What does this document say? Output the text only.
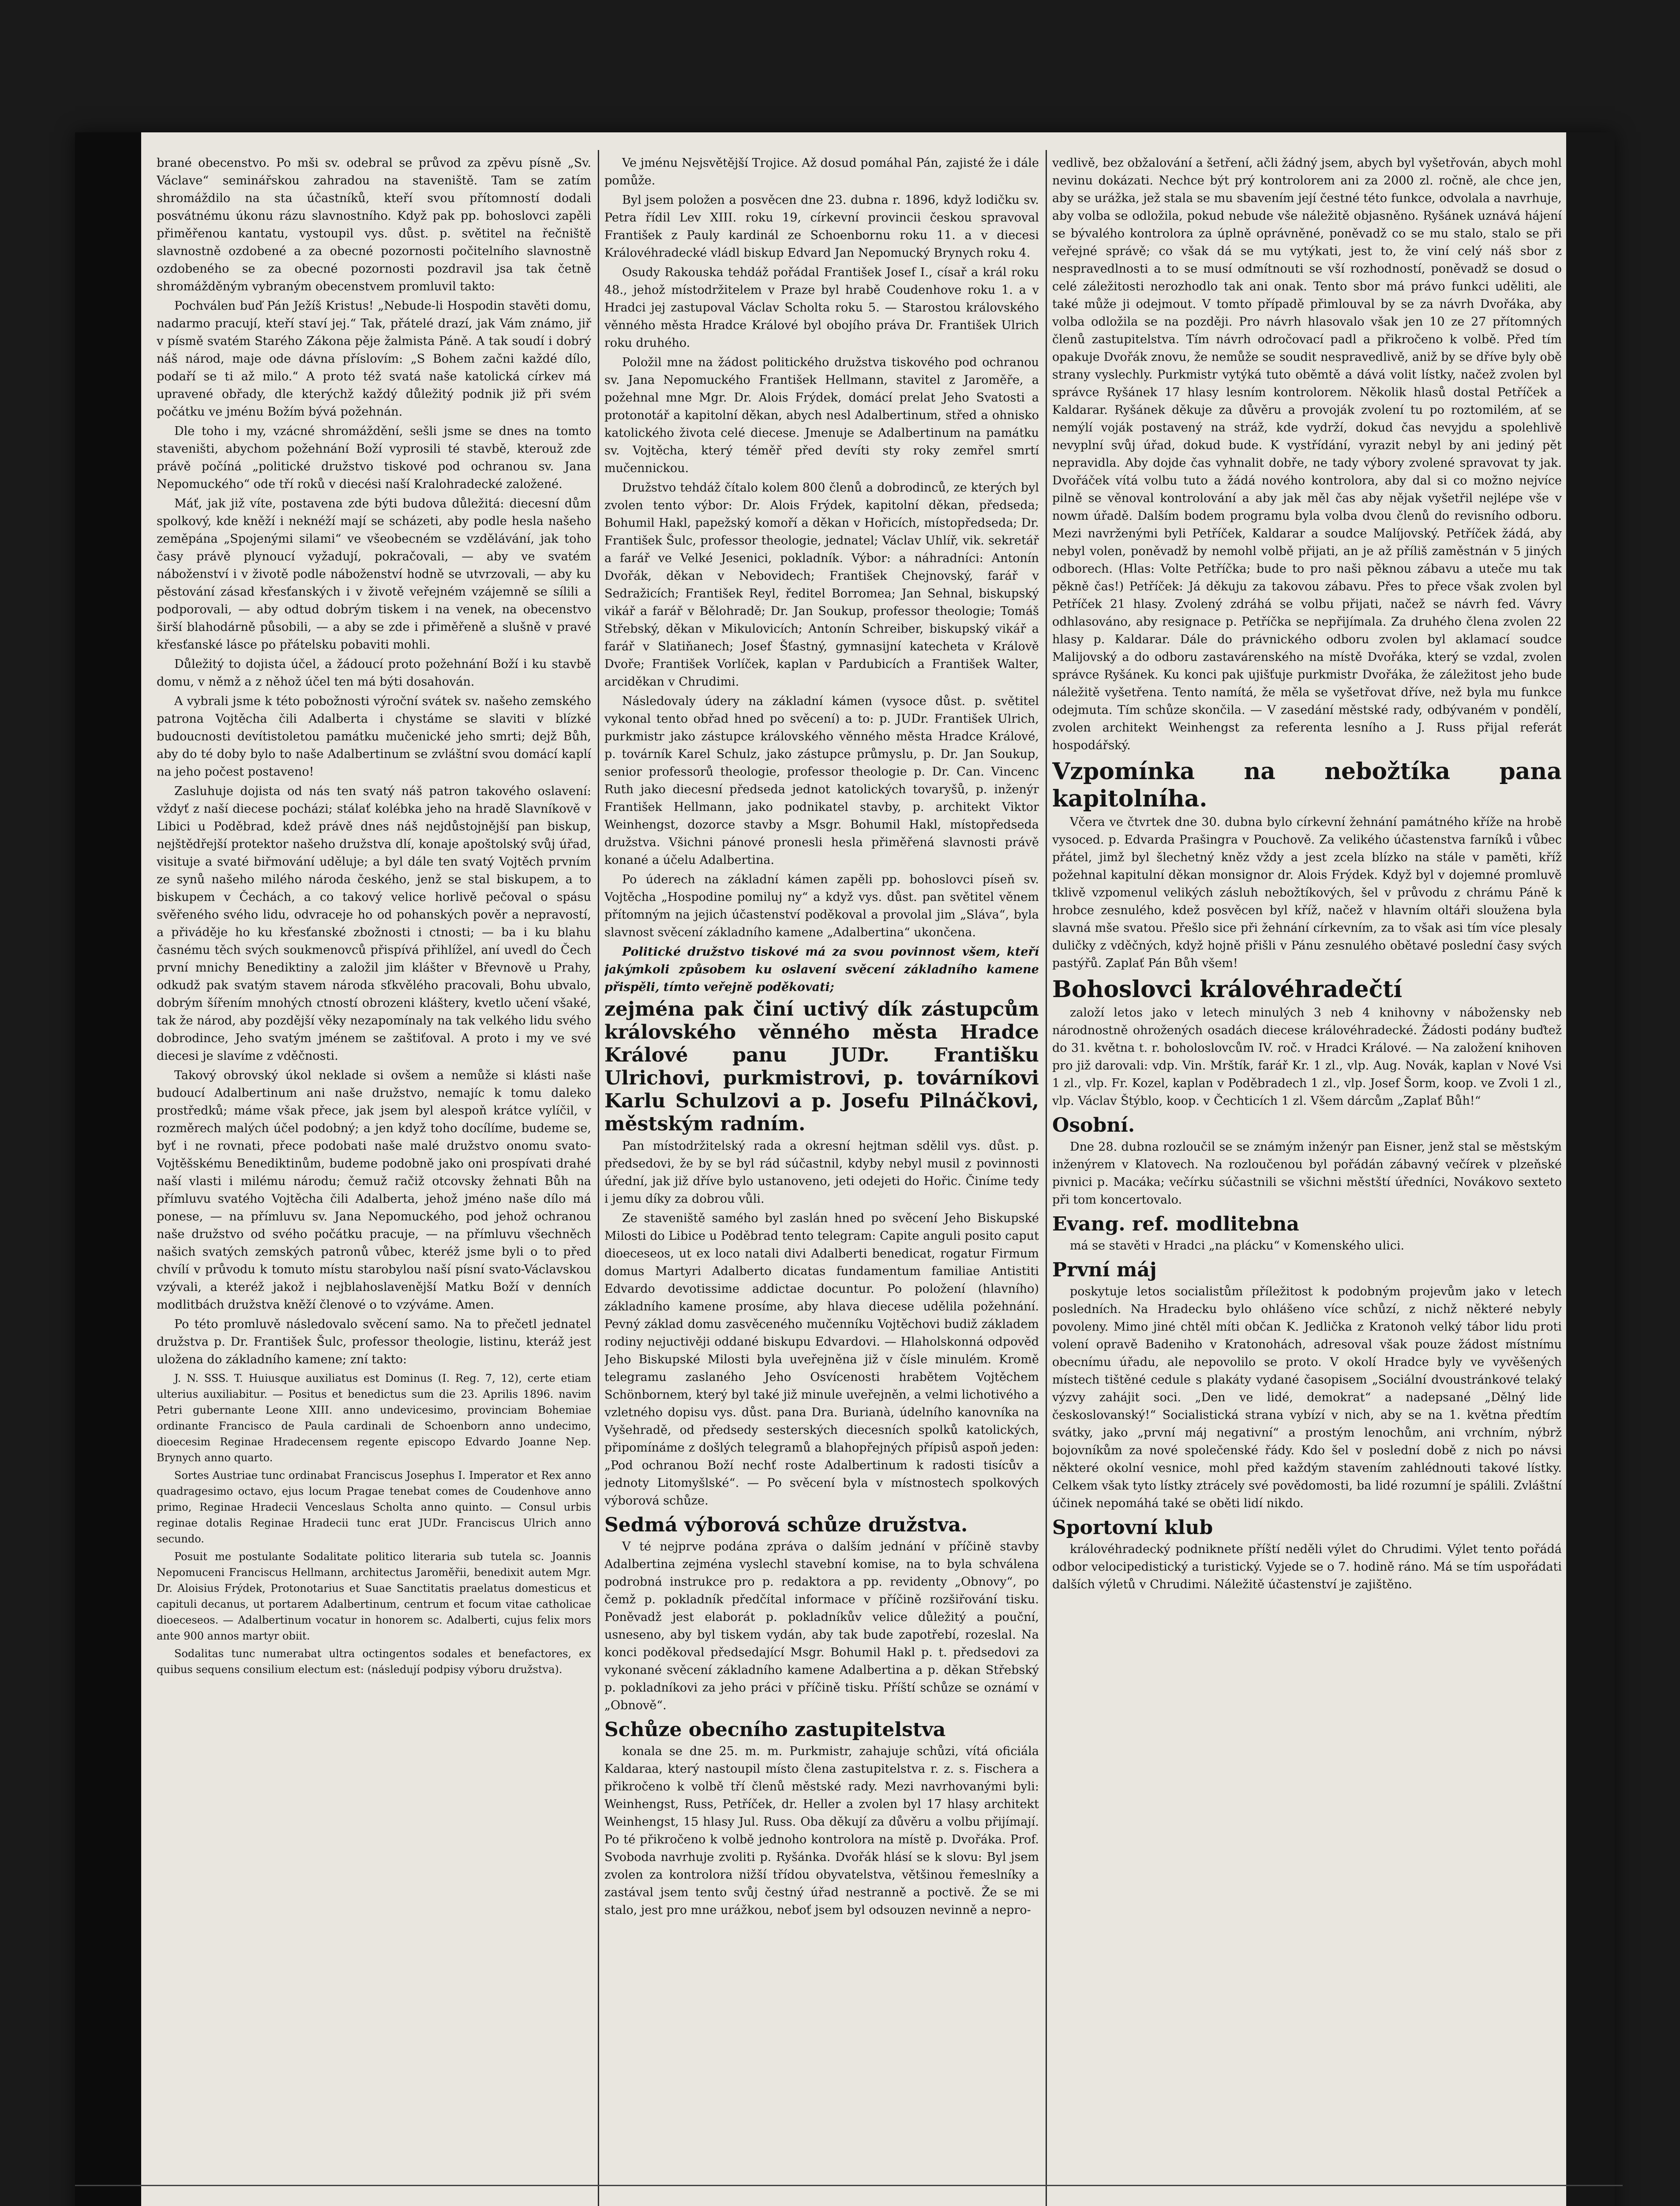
brané obecenstvo. Po mši sv. odebral se průvod za zpěvu písně „Sv. Václave“ seminářskou zahradou na staveniště. Tam se zatím shromáždilo na sta účastníků, kteří svou přítomností dodali posvátnému úkonu rázu slavnostního. Když pak pp. bohoslovci zapěli přiměřenou kantatu, vystoupil vys. důst. p. světitel na řečniště slavnostně ozdobené a za obecné pozornosti počitelního slavnostně ozdobeného se za obecné pozornosti pozdravil jsa tak četně shromážděným vybraným obecenstvem promluvil takto:

Pochválen buď Pán Ježíš Kristus! „Nebude-li Hospodin stavěti domu, nadarmo pracují, kteří staví jej.“ Tak, přátelé drazí, jak Vám známo, jiř v písmě svatém Starého Zákona pěje žalmista Páně. A tak soudí i dobrý náš národ, maje ode dávna příslovím: „S Bohem začni každé dílo, podaří se ti až milo.“ A proto též svatá naše katolická církev má upravené obřady, dle kterýchž každý důležitý podnik již při svém počátku ve jménu Božím bývá požehnán.

Dle toho i my, vzácné shromáždění, sešli jsme se dnes na tomto staveništi, abychom požehnání Boží vyprosili té stavbě, kterouž zde právě počíná „politické družstvo tiskové pod ochranou sv. Jana Nepomuckého“ ode tří roků v diecési naší Kralohradecké založené.

Máť, jak již víte, postavena zde býti budova důležitá: diecesní dům spolkový, kde kněží i neknéží mají se scházeti, aby podle hesla našeho zeměpána „Spojenými silami“ ve všeobecném se vzdělávání, jak toho časy právě plynoucí vyžadují, pokračovali, — aby ve svatém náboženství i v životě podle náboženství hodně se utvrzovali, — aby ku pěstování zásad křesťanských i v životě veřejném vzájemně se sílili a podporovali, — aby odtud dobrým tiskem i na venek, na obecenstvo širší blahodárně působili, — a aby se zde i přiměřeně a slušně v pravé křesťanské lásce po přátelsku pobaviti mohli.

Důležitý to dojista účel, a žádoucí proto požehnání Boží i ku stavbě domu, v němž a z něhož účel ten má býti dosahován.

A vybrali jsme k této pobožnosti výroční svátek sv. našeho zemského patrona Vojtěcha čili Adalberta i chystáme se slaviti v blízké budoucnosti devítistoletou památku mučenické jeho smrti; dejž Bůh, aby do té doby bylo to naše Adalbertinum se zvláštní svou domácí kaplí na jeho počest postaveno!

Zasluhuje dojista od nás ten svatý náš patron takového oslavení: vždyť z naší diecese pocházi; stálať kolébka jeho na hradě Slavníkově v Libici u Poděbrad, kdež právě dnes náš nejdůstojnější pan biskup, nejštědřejší protektor našeho družstva dlí, konaje apoštolský svůj úřad, visituje a svaté biřmování uděluje; a byl dále ten svatý Vojtěch prvním ze synů našeho milého národa českého, jenž se stal biskupem, a to biskupem v Čechách, a co takový velice horlivě pečoval o spásu svěřeného svého lidu, odvraceje ho od pohanských pověr a nepravostí, a přiváděje ho ku křesťanské zbožnosti i ctnosti; — ba i ku blahu časnému těch svých soukmenovců přispívá přihlížel, aní uvedl do Čech první mnichy Benediktiny a založil jim klášter v Břevnově u Prahy, odkudž pak svatým stavem národa sťkvělého pracovali, Bohu ubvalo, dobrým šířením mnohých ctností obrozeni kláštery, kvetlo učení všaké, tak že národ, aby pozdější věky nezapomínaly na tak velkého lidu svého dobrodince, Jeho svatým jménem se zaštiťoval. A proto i my ve své diecesi je slavíme z vděčnosti.

Takový obrovský úkol neklade si ovšem a nemůže si klásti naše budoucí Adalbertinum ani naše družstvo, nemajíc k tomu daleko prostředků; máme však přece, jak jsem byl alespoň krátce vylíčil, v rozměrech malých účel podobný; a jen když toho docílíme, budeme se, byť i ne rovnati, přece podobati naše malé družstvo onomu svato-Vojtěšskému Benediktinům, budeme podobně jako oni prospívati drahé naší vlasti i milému národu; čemuž račiž otcovsky žehnati Bůh na přímluvu svatého Vojtěcha čili Adalberta, jehož jméno naše dílo má ponese, — na přímluvu sv. Jana Nepomuckého, pod jehož ochranou naše družstvo od svého počátku pracuje, — na přímluvu všechněch našich svatých zemských patronů vůbec, kteréž jsme byli o to před chvílí v průvodu k tomuto místu starobylou naší písní svato-Václavskou vzývali, a kteréž jakož i nejblahoslavenější Matku Boží v denních modlitbách družstva kněží členové o to vzýváme. Amen.

Po této promluvě následovalo svěcení samo. Na to přečetl jednatel družstva p. Dr. František Šulc, professor theologie, listinu, kteráž jest uložena do základního kamene; zní takto:

J. N. SSS. T. Huiusque auxiliatus est Dominus (I. Reg. 7, 12), certe etiam ulterius auxiliabitur. — Positus et benedictus sum die 23. Aprilis 1896. navim Petri gubernante Leone XIII. anno undevicesimo, provinciam Bohemiae ordinante Francisco de Paula cardinali de Schoenborn anno undecimo, dioecesim Reginae Hradecensem regente episcopo Edvardo Joanne Nep. Brynych anno quarto.

Sortes Austriae tunc ordinabat Franciscus Josephus I. Imperator et Rex anno quadragesimo octavo, ejus locum Pragae tenebat comes de Coudenhove anno primo, Reginae Hradecii Venceslaus Scholta anno quinto. — Consul urbis reginae dotalis Reginae Hradecii tunc erat JUDr. Franciscus Ulrich anno secundo.

Posuit me postulante Sodalitate politico literaria sub tutela sc. Joannis Nepomuceni Franciscus Hellmann, architectus Jaroměřii, benedixit autem Mgr. Dr. Aloisius Frýdek, Protonotarius et Suae Sanctitatis praelatus domesticus et capituli decanus, ut portarem Adalbertinum, centrum et focum vitae catholicae dioeceseos. — Adalbertinum vocatur in honorem sc. Adalberti, cujus felix mors ante 900 annos martyr obiit.

Sodalitas tunc numerabat ultra octingentos sodales et benefactores, ex quibus sequens consilium electum est: (následují podpisy výboru družstva).

Ve jménu Nejsvětější Trojice. Až dosud pomáhal Pán, zajisté že i dále pomůže.

Byl jsem položen a posvěcen dne 23. dubna r. 1896, když lodičku sv. Petra řídil Lev XIII. roku 19, církevní provincii českou spravoval František z Pauly kardinál ze Schoenbornu roku 11. a v diecesi Královéhradecké vládl biskup Edvard Jan Nepomucký Brynych roku 4.

Osudy Rakouska tehdáž pořádal František Josef I., císař a král roku 48., jehož místodržitelem v Praze byl hrabě Coudenhove roku 1. a v Hradci jej zastupoval Václav Scholta roku 5. — Starostou královského věnného města Hradce Králové byl obojího práva Dr. František Ulrich roku druhého.

Položil mne na žádost politického družstva tiskového pod ochranou sv. Jana Nepomuckého František Hellmann, stavitel z Jaroměře, a požehnal mne Mgr. Dr. Alois Frýdek, domácí prelat Jeho Svatosti a protonotář a kapitolní děkan, abych nesl Adalbertinum, střed a ohnisko katolického života celé diecese. Jmenuje se Adalbertinum na památku sv. Vojtěcha, který téměř před devíti sty roky zemřel smrtí mučennickou.

Družstvo tehdáž čítalo kolem 800 členů a dobrodinců, ze kterých byl zvolen tento výbor: Dr. Alois Frýdek, kapitolní děkan, předseda; Bohumil Hakl, papežský komoří a děkan v Hořicích, místopředseda; Dr. František Šulc, professor theologie, jednatel; Václav Uhlíř, vik. sekretář a farář ve Velké Jesenici, pokladník. Výbor: a náhradníci: Antonín Dvořák, děkan v Nebovidech; František Chejnovský, farář v Sedražicích; František Reyl, ředitel Borromea; Jan Sehnal, biskupský vikář a farář v Bělohradě; Dr. Jan Soukup, professor theologie; Tomáš Střebský, děkan v Mikulovicích; Antonín Schreiber, biskupský vikář a farář v Slatiňanech; Josef Šťastný, gymnasijní katecheta v Králově Dvoře; František Vorlíček, kaplan v Pardubicích a František Walter, arciděkan v Chrudimi.

Následovaly údery na základní kámen (vysoce důst. p. světitel vykonal tento obřad hned po svěcení) a to: p. JUDr. František Ulrich, purkmistr jako zástupce královského věnného města Hradce Králové, p. továrník Karel Schulz, jako zástupce průmyslu, p. Dr. Jan Soukup, senior professorů theologie, professor theologie p. Dr. Can. Vincenc Ruth jako diecesní předseda jednot katolických tovaryšů, p. inženýr František Hellmann, jako podnikatel stavby, p. architekt Viktor Weinhengst, dozorce stavby a Msgr. Bohumil Hakl, místopředseda družstva. Všichni pánové pronesli hesla přiměřená slavnosti právě konané a účelu Adalbertina.

Po úderech na základní kámen zapěli pp. bohoslovci píseň sv. Vojtěcha „Hospodine pomiluj ny“ a když vys. důst. pan světitel věnem přítomným na jejich účastenství poděkoval a provolal jim „Sláva“, byla slavnost svěcení základního kamene „Adalbertina“ ukončena.

Politické družstvo tiskové má za svou povinnost všem, kteří jakýmkoli způsobem ku oslavení svěcení základního kamene přispěli, tímto veřejně poděkovati;

zejména pak činí uctivý dík zástupcům královského věnného města Hradce Králové panu JUDr. Františku Ulrichovi, purkmistrovi, p. továrníkovi Karlu Schulzovi a p. Josefu Pilnáčkovi, městským radním.

Pan místodržitelský rada a okresní hejtman sdělil vys. důst. p. předsedovi, že by se byl rád súčastnil, kdyby nebyl musil z povinnosti úřední, jak již dříve bylo ustanoveno, jeti odejeti do Hořic. Činíme tedy i jemu díky za dobrou vůli.

Ze staveniště samého byl zaslán hned po svěcení Jeho Biskupské Milosti do Libice u Poděbrad tento telegram: Capite anguli posito caput dioeceseos, ut ex loco natali divi Adalberti benedicat, rogatur Firmum domus Martyri Adalberto dicatas fundamentum familiae Antistiti Edvardo devotissime addictae docuntur. Po položení (hlavního) základního kamene prosíme, aby hlava diecese udělila požehnání. Pevný základ domu zasvěceného mučenníku Vojtěchovi budiž základem rodiny nejuctivěji oddané biskupu Edvardovi. — Hlaholskonná odpověď Jeho Biskupské Milosti byla uveřejněna již v čísle minulém. Kromě telegramu zaslaného Jeho Osvícenosti hrabětem Vojtěchem Schönbornem, který byl také již minule uveřejněn, a velmi lichotivého a vzletného dopisu vys. důst. pana Dra. Burianà, údelního kanovníka na Vyšehradě, od předsedy sesterských diecesních spolků katolických, připomínáme z došlých telegramů a blahopřejných přípisů aspoň jeden: „Pod ochranou Boží nechť roste Adalbertinum k radosti tisícův a jednoty Litomyšlské“. — Po svěcení byla v místnostech spolkových výborová schůze.

Sedmá výborová schůze družstva.

V té nejprve podána zpráva o dalším jednání v příčině stavby Adalbertina zejména vyslechl stavební komise, na to byla schválena podrobná instrukce pro p. redaktora a pp. revidenty „Obnovy“, po čemž p. pokladník předčítal informace v příčině rozšiřování tisku. Poněvadž jest elaborát p. pokladníkův velice důležitý a pouční, usneseno, aby byl tiskem vydán, aby tak bude zapotřebí, rozeslal. Na konci poděkoval předsedající Msgr. Bohumil Hakl p. t. předsedovi za vykonané svěcení základního kamene Adalbertina a p. děkan Střebský p. pokladníkovi za jeho práci v příčině tisku. Příští schůze se oznámí v „Obnově“.

Schůze obecního zastupitelstva

konala se dne 25. m. m. Purkmistr, zahajuje schůzi, vítá oficiála Kaldaraa, který nastoupil místo člena zastupitelstva r. z. s. Fischera a přikročeno k volbě tří členů městské rady. Mezi navrhovanými byli: Weinhengst, Russ, Petříček, dr. Heller a zvolen byl 17 hlasy architekt Weinhengst, 15 hlasy Jul. Russ. Oba děkují za důvěru a volbu přijímají. Po té přikročeno k volbě jednoho kontrolora na místě p. Dvořáka. Prof. Svoboda navrhuje zvoliti p. Ryšánka. Dvořák hlásí se k slovu: Byl jsem zvolen za kontrolora nižší třídou obyvatelstva, většinou řemeslníky a zastával jsem tento svůj čestný úřad nestranně a poctivě. Že se mi stalo, jest pro mne urážkou, neboť jsem byl odsouzen nevinně a nepro-

vedlivě, bez obžalování a šetření, ačli žádný jsem, abych byl vyšetřován, abych mohl nevinu dokázati. Nechce být prý kontrolorem ani za 2000 zl. ročně, ale chce jen, aby se urážka, jež stala se mu sbavením její čestné této funkce, odvolala a navrhuje, aby volba se odložila, pokud nebude vše náležitě objasněno. Ryšánek uznává hájení se bývalého kontrolora za úplně oprávněné, poněvadž co se mu stalo, stalo se při veřejné správě; co však dá se mu vytýkati, jest to, že viní celý náš sbor z nespravedlnosti a to se musí odmítnouti se vší rozhodností, poněvadž se dosud o celé záležitosti nerozhodlo tak ani onak. Tento sbor má právo funkci uděliti, ale také může ji odejmout. V tomto případě přimlouval by se za návrh Dvořáka, aby volba odložila se na později. Pro návrh hlasovalo však jen 10 ze 27 přítomných členů zastupitelstva. Tím návrh odročovací padl a přikročeno k volbě. Před tím opakuje Dvořák znovu, že nemůže se soudit nespravedlivě, aniž by se dříve byly obě strany vyslechly. Purkmistr vytýká tuto oběmtě a dává volit lístky, načež zvolen byl správce Ryšánek 17 hlasy lesním kontrolorem. Několik hlasů dostal Petříček a Kaldarar. Ryšánek děkuje za důvěru a provoják zvolení tu po roztomilém, ať se nemýlí voják postavený na stráž, kde vydrží, dokud čas nevyjdu a spolehlivě nevyplní svůj úřad, dokud bude. K vystřídání, vyrazit nebyl by ani jediný pět nepravidla. Aby dojde čas vyhnalit dobře, ne tady výbory zvolené spravovat ty jak. Dvořáček vítá volbu tuto a žádá nového kontrolora, aby dal si co možno nejvíce pilně se věnoval kontrolování a aby jak měl čas aby nějak vyšetřil nejlépe vše v nowm úřadě. Dalším bodem programu byla volba dvou členů do revisního odboru. Mezi navrženými byli Petříček, Kaldarar a soudce Malíjovský. Petříček žádá, aby nebyl volen, poněvadž by nemohl volbě přijati, an je až příliš zaměstnán v 5 jiných odborech. (Hlas: Volte Petříčka; bude to pro naši pěknou zábavu a uteče mu tak pěkně čas!) Petříček: Já děkuju za takovou zábavu. Přes to přece však zvolen byl Petříček 21 hlasy. Zvolený zdráhá se volbu přijati, načež se návrh fed. Vávry odhlasováno, aby resignace p. Petříčka se nepřijímala. Za druhého člena zvolen 22 hlasy p. Kaldarar. Dále do právnického odboru zvolen byl aklamací soudce Malijovský a do odboru zastavárenského na místě Dvořáka, který se vzdal, zvolen správce Ryšánek. Ku konci pak ujišťuje purkmistr Dvořáka, že záležitost jeho bude náležitě vyšetřena. Tento namítá, že měla se vyšetřovat dříve, než byla mu funkce odejmuta. Tím schůze skončila. — V zasedání městské rady, odbývaném v pondělí, zvolen architekt Weinhengst za referenta lesního a J. Russ přijal referát hospodářský.

Vzpomínka na nebožtíka pana kapitolníha.

Včera ve čtvrtek dne 30. dubna bylo církevní žehnání památného kříže na hrobě vysoced. p. Edvarda Prašingra v Pouchově. Za velikého účastenstva farníků i vůbec přátel, jimž byl šlechetný kněz vždy a jest zcela blízko na stále v paměti, kříž požehnal kapitulní děkan monsignor dr. Alois Frýdek. Když byl v dojemné promluvě tklivě vzpomenul velikých zásluh nebožtíkových, šel v průvodu z chrámu Páně k hrobce zesnulého, kdež posvěcen byl kříž, načež v hlavním oltáři sloužena byla slavná mše svatou. Přešlo sice při žehnání církevním, za to však asi tím více plesaly duličky z vděčných, když hojně přišli v Pánu zesnulého obětavé poslední časy svých pastýřů. Zaplať Pán Bůh všem!

Bohoslovci královéhradečtí

založí letos jako v letech minulých 3 neb 4 knihovny v nábožensky neb národnostně ohrožených osadách diecese královéhradecké. Žádosti podány buďtež do 31. května t. r. boholoslovcům IV. roč. v Hradci Králové. — Na založení knihoven pro již darovali: vdp. Vin. Mrštík, farář Kr. 1 zl., vlp. Aug. Novák, kaplan v Nové Vsi 1 zl., vlp. Fr. Kozel, kaplan v Poděbradech 1 zl., vlp. Josef Šorm, koop. ve Zvoli 1 zl., vlp. Václav Štýblo, koop. v Čechticích 1 zl. Všem dárcům „Zaplať Bůh!“

Osobní.

Dne 28. dubna rozloučil se se známým inženýr pan Eisner, jenž stal se městským inženýrem v Klatovech. Na rozloučenou byl pořádán zábavný večírek v plzeňské pivnici p. Macáka; večírku súčastnili se všichni městští úředníci, Novákovo sexteto při tom koncertovalo.

Evang. ref. modlitebna

má se stavěti v Hradci „na plácku“ v Komenského ulici.

První máj

poskytuje letos socialistům příležitost k podobným projevům jako v letech posledních. Na Hradecku bylo ohlášeno více schůzí, z nichž některé nebyly povoleny. Mimo jiné chtěl míti občan K. Jedlička z Kratonoh velký tábor lidu proti volení opravě Badeniho v Kratonohách, adresoval však pouze žádost místnímu obecnímu úřadu, ale nepovolilo se proto. V okolí Hradce byly ve vyvěšených místech tištěné cedule s plakáty vydané časopisem „Sociální dvoustránkové telaký výzvy zahájit soci. „Den ve lidé, demokrat“ a nadepsané „Dělný lide českoslovanský!“ Socialistická strana vybízí v nich, aby se na 1. května předtím svátky, jako „první máj negativní“ a prostým lenochům, ani vrchním, nýbrž bojovníkům za nové společenské řády. Kdo šel v poslední době z nich po návsi některé okolní vesnice, mohl před každým stavením zahlédnouti takové lístky. Celkem však tyto lístky ztrácely své povědomosti, ba lidé rozumní je spálili. Zvláštní účinek nepomáhá také se oběti lidí nikdo.

Sportovní klub

královéhradecký podniknete příští neděli výlet do Chrudimi. Výlet tento pořádá odbor velocipedistický a turistický. Vyjede se o 7. hodině ráno. Má se tím uspořádati dalších výletů v Chrudimi. Náležitě účastenství je zajištěno.
